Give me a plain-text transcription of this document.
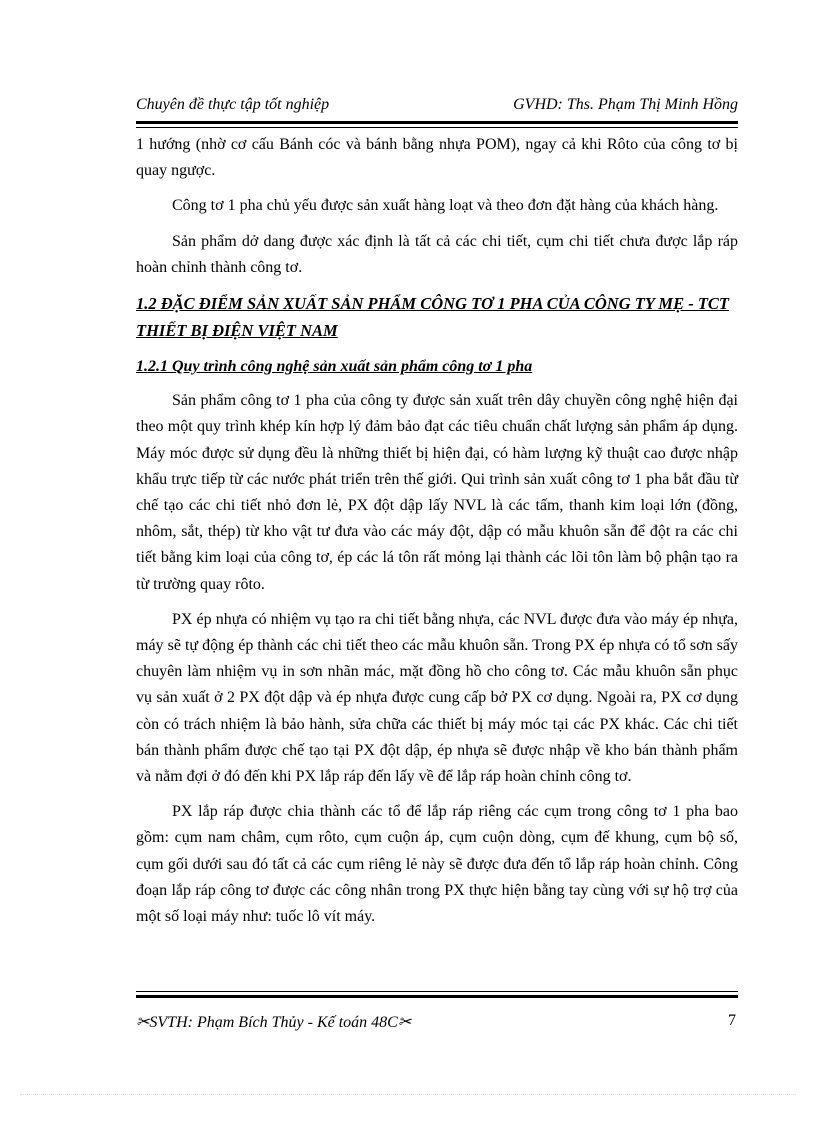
Chuyên đề thực tập tốt nghiệp	GVHD: Ths. Phạm Thị Minh Hồng

1 hướng (nhờ cơ cấu Bánh cóc và bánh bằng nhựa POM), ngay cả khi Rôto của công tơ bị quay ngược.

Công tơ 1 pha chủ yếu được sản xuất hàng loạt và theo đơn đặt hàng của khách hàng.

Sản phẩm dở dang được xác định là tất cả các chi tiết, cụm chi tiết chưa được lắp ráp hoàn chỉnh thành công tơ.

1.2 ĐẶC ĐIỂM SẢN XUẤT SẢN PHẨM CÔNG TƠ 1 PHA CỦA CÔNG TY MẸ - TCT THIẾT BỊ ĐIỆN VIỆT NAM

1.2.1 Quy trình công nghệ sản xuất sản phẩm công tơ 1 pha

Sản phẩm công tơ 1 pha của công ty được sản xuất trên dây chuyền công nghệ hiện đại theo một quy trình khép kín hợp lý đảm bảo đạt các tiêu chuẩn chất lượng sản phẩm áp dụng. Máy móc được sử dụng đều là những thiết bị hiện đại, có hàm lượng kỹ thuật cao được nhập khẩu trực tiếp từ các nước phát triển trên thế giới. Qui trình sản xuất công tơ 1 pha bắt đầu từ chế tạo các chi tiết nhỏ đơn lẻ, PX đột dập lấy NVL là các tấm, thanh kim loại lớn (đồng, nhôm, sắt, thép) từ kho vật tư đưa vào các máy đột, dập có mẫu khuôn sẵn để đột ra các chi tiết bằng kim loại của công tơ, ép các lá tôn rất mỏng lại thành các lõi tôn làm bộ phận tạo ra từ trường quay rôto.

PX ép nhựa có nhiệm vụ tạo ra chi tiết bằng nhựa, các NVL được đưa vào máy ép nhựa, máy sẽ tự động ép thành các chi tiết theo các mẫu khuôn sẵn. Trong PX ép nhựa có tổ sơn sấy chuyên làm nhiệm vụ in sơn nhãn mác, mặt đồng hồ cho công tơ. Các mẫu khuôn sẵn phục vụ sản xuất ở 2 PX đột dập và ép nhựa được cung cấp bở PX cơ dụng. Ngoài ra, PX cơ dụng còn có trách nhiệm là bảo hành, sửa chữa các thiết bị máy móc tại các PX khác. Các chi tiết bán thành phẩm được chế tạo tại PX đột dập, ép nhựa sẽ được nhập về kho bán thành phẩm và nằm đợi ở đó đến khi PX lắp ráp đến lấy về để lắp ráp hoàn chỉnh công tơ.

PX lắp ráp được chia thành các tổ để lắp ráp riêng các cụm trong công tơ 1 pha bao gồm: cụm nam châm, cụm rôto, cụm cuộn áp, cụm cuộn dòng, cụm đế khung, cụm bộ số, cụm gối dưới sau đó tất cả các cụm riêng lẻ này sẽ được đưa đến tổ lắp ráp hoàn chỉnh. Công đoạn lắp ráp công tơ được các công nhân trong PX thực hiện bằng tay cùng với sự hộ trợ của một số loại máy như: tuốc lô vít máy.

✂SVTH: Phạm Bích Thủy - Kế toán 48C✂	7
